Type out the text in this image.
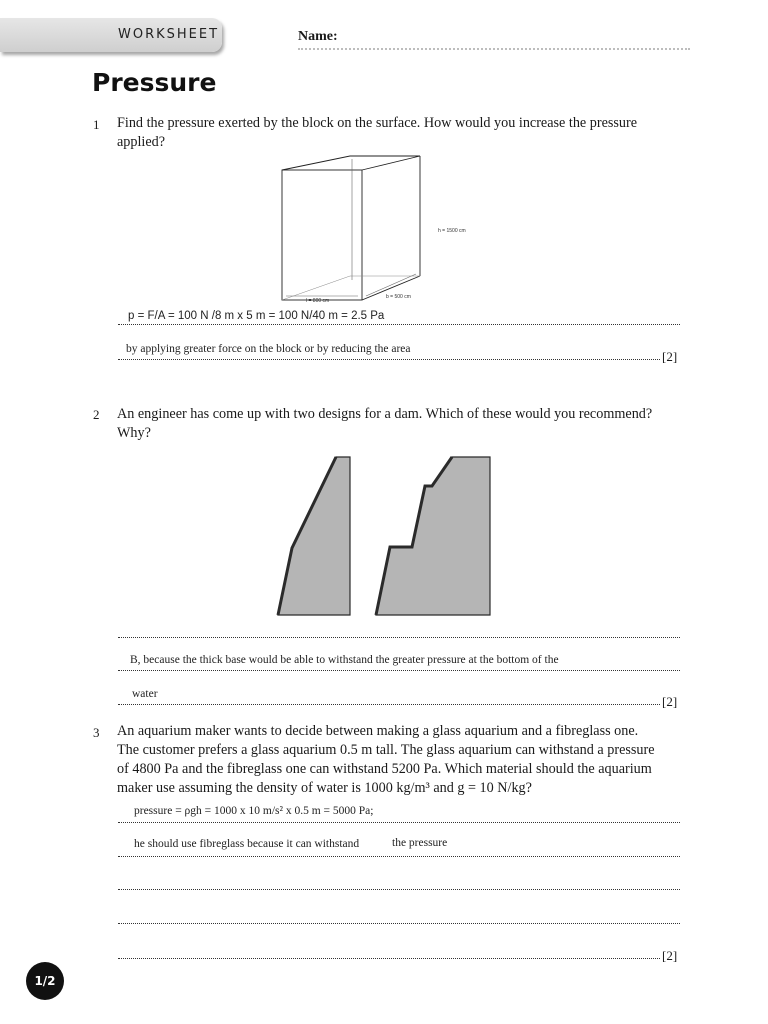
WORKSHEET	Name:
Pressure
1 Find the pressure exerted by the block on the surface. How would you increase the pressure
applied?
h = 1500 cm
l = 800 cm
b = 500 cm
p = F/A = 100 N /8 m x 5 m = 100 N/40 m = 2.5 Pa
by applying greater force on the block or by reducing the area	[2]
2 An engineer has come up with two designs for a dam. Which of these would you recommend?
Why?
B, because the thick base would be able to withstand the greater pressure at the bottom of the
water	[2]
3 An aquarium maker wants to decide between making a glass aquarium and a fibreglass one.
The customer prefers a glass aquarium 0.5 m tall. The glass aquarium can withstand a pressure
of 4800 Pa and the fibreglass one can withstand 5200 Pa. Which material should the aquarium
maker use assuming the density of water is 1000 kg/m³ and g = 10 N/kg?
pressure = ρgh = 1000 x 10 m/s² x 0.5 m = 5000 Pa;
he should use fibreglass because it can withstand	the pressure
[2]
1/2
